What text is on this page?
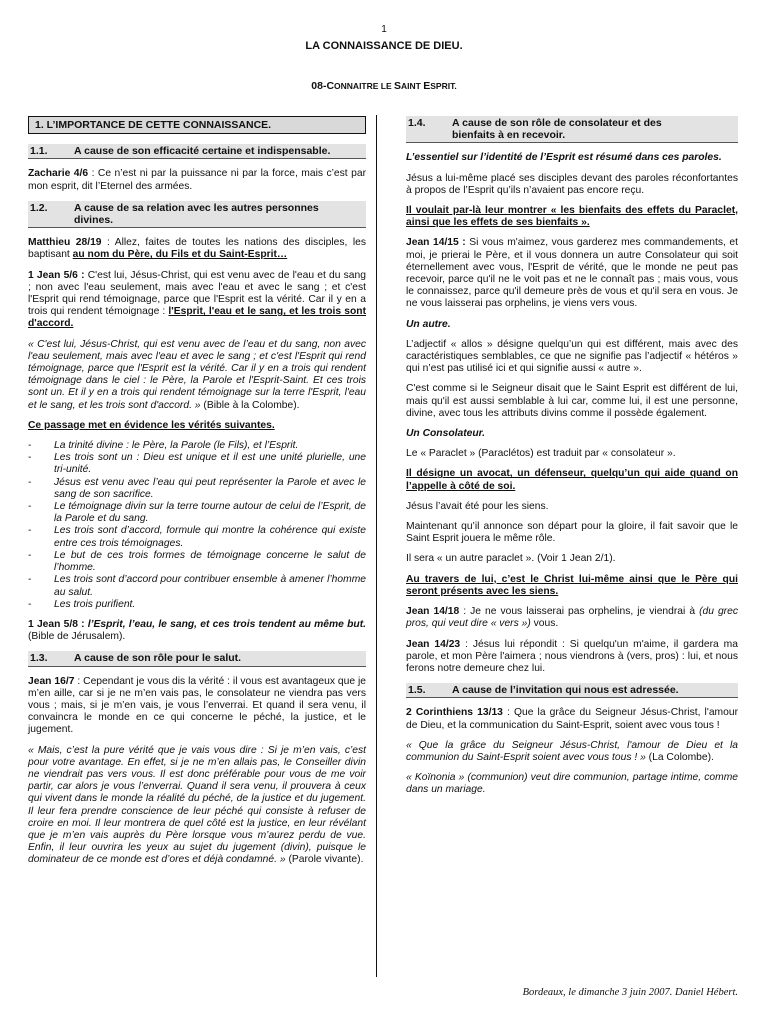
1
LA CONNAISSANCE DE DIEU.
08-CONNAITRE LE SAINT ESPRIT.
1. L’IMPORTANCE DE CETTE CONNAISSANCE.
1.1.	A cause de son efficacité certaine et indispensable.

Zacharie 4/6 : Ce n’est ni par la puissance ni par la force, mais c’est par mon esprit, dit l’Eternel des armées.

1.2.	A cause de sa relation avec les autres personnes
divines.

Matthieu 28/19 : Allez, faites de toutes les nations des disciples, les baptisant au nom du Père, du Fils et du Saint-Esprit…

1 Jean 5/6 : C'est lui, Jésus-Christ, qui est venu avec de l'eau et du sang ; non avec l'eau seulement, mais avec l'eau et avec le sang ; et c'est l'Esprit qui rend témoignage, parce que l'Esprit est la vérité. Car il y en a trois qui rendent témoignage : l'Esprit, l'eau et le sang, et les trois sont d'accord.

« C'est lui, Jésus-Christ, qui est venu avec de l’eau et du sang, non avec l'eau seulement, mais avec l'eau et avec le sang ; et c'est l'Esprit qui rend témoignage, parce que l'Esprit est la vérité. Car il y en a trois qui rendent témoignage dans le ciel : le Père, la Parole et l'Esprit-Saint. Et ces trois sont un. Et il y en a trois qui rendent témoignage sur la terre l'Esprit, l'eau et le sang, et les trois sont d'accord. » (Bible à la Colombe).

Ce passage met en évidence les vérités suivantes.

- La trinité divine : le Père, la Parole (le Fils), et l’Esprit.
- Les trois sont un : Dieu est unique et il est une unité plurielle, une tri-unité.
- Jésus est venu avec l’eau qui peut représenter la Parole et avec le sang de son sacrifice.
- Le témoignage divin sur la terre tourne autour de celui de l’Esprit, de la Parole et du sang.
- Les trois sont d’accord, formule qui montre la cohérence qui existe entre ces trois témoignages.
- Le but de ces trois formes de témoignage concerne le salut de l’homme.
- Les trois sont d’accord pour contribuer ensemble à amener l’homme au salut.
- Les trois purifient.

1 Jean 5/8 : l’Esprit, l’eau, le sang, et ces trois tendent au même but. (Bible de Jérusalem).

1.3.	A cause de son rôle pour le salut.

Jean 16/7 : Cependant je vous dis la vérité : il vous est avantageux que je m’en aille, car si je ne m’en vais pas, le consolateur ne viendra pas vers vous ; mais, si je m’en vais, je vous l’enverrai. Et quand il sera venu, il convaincra le monde en ce qui concerne le péché, la justice, et le jugement.

« Mais, c’est la pure vérité que je vais vous dire : Si je m’en vais, c’est pour votre avantage. En effet, si je ne m’en allais pas, le Conseiller divin ne viendrait pas vers vous. Il est donc préférable pour vous de me voir partir, car alors je vous l’enverrai. Quand il sera venu, il prouvera à ceux qui vivent dans le monde la réalité du péché, de la justice et du jugement. Il leur fera prendre conscience de leur péché qui consiste à refuser de croire en moi. Il leur montrera de quel côté est la justice, en leur révélant que je m’en vais auprès du Père lorsque vous m’aurez perdu de vue. Enfin, il leur ouvrira les yeux au sujet du jugement (divin), puisque le dominateur de ce monde est d’ores et déjà condamné. » (Parole vivante).

1.4.	A cause de son rôle de consolateur et des
bienfaits à en recevoir.

L’essentiel sur l’identité de l’Esprit est résumé dans ces paroles.

Jésus a lui-même placé ses disciples devant des paroles réconfortantes à propos de l’Esprit qu’ils n’avaient pas encore reçu.

Il voulait par-là leur montrer « les bienfaits des effets du Paraclet, ainsi que les effets de ses bienfaits ».

Jean 14/15 : Si vous m'aimez, vous garderez mes commandements, et moi, je prierai le Père, et il vous donnera un autre Consolateur qui soit éternellement avec vous, l'Esprit de vérité, que le monde ne peut pas recevoir, parce qu'il ne le voit pas et ne le connaît pas ; mais vous, vous le connaissez, parce qu'il demeure près de vous et qu'il sera en vous. Je ne vous laisserai pas orphelins, je viens vers vous.

Un autre.

L’adjectif « allos » désigne quelqu’un qui est différent, mais avec des caractéristiques semblables, ce que ne signifie pas l’adjectif « hétéros » qui n’est pas utilisé ici et qui signifie aussi « autre ».

C'est comme si le Seigneur disait que le Saint Esprit est différent de lui, mais qu'il est aussi semblable à lui car, comme lui, il est une personne, divine, avec tous les attributs divins comme il possède également.

Un Consolateur.

Le « Paraclet » (Paraclétos) est traduit par « consolateur ».

Il désigne un avocat, un défenseur, quelqu’un qui aide quand on l’appelle à côté de soi.

Jésus l’avait été pour les siens.

Maintenant qu’il annonce son départ pour la gloire, il fait savoir que le Saint Esprit jouera le même rôle.

Il sera « un autre paraclet ». (Voir 1 Jean 2/1).

Au travers de lui, c’est le Christ lui-même ainsi que le Père qui seront présents avec les siens.

Jean 14/18 : Je ne vous laisserai pas orphelins, je viendrai à (du grec pros, qui veut dire « vers ») vous.

Jean 14/23 : Jésus lui répondit : Si quelqu'un m'aime, il gardera ma parole, et mon Père l'aimera ; nous viendrons à (vers, pros) : lui, et nous ferons notre demeure chez lui.

1.5.	A cause de l’invitation qui nous est adressée.

2 Corinthiens 13/13 : Que la grâce du Seigneur Jésus-Christ, l'amour de Dieu, et la communication du Saint-Esprit, soient avec vous tous !

« Que la grâce du Seigneur Jésus-Christ, l'amour de Dieu et la communion du Saint-Esprit soient avec vous tous ! » (La Colombe).

« Koïnonia » (communion) veut dire communion, partage intime, comme dans un mariage.

Bordeaux, le dimanche 3 juin 2007. Daniel Hébert.
